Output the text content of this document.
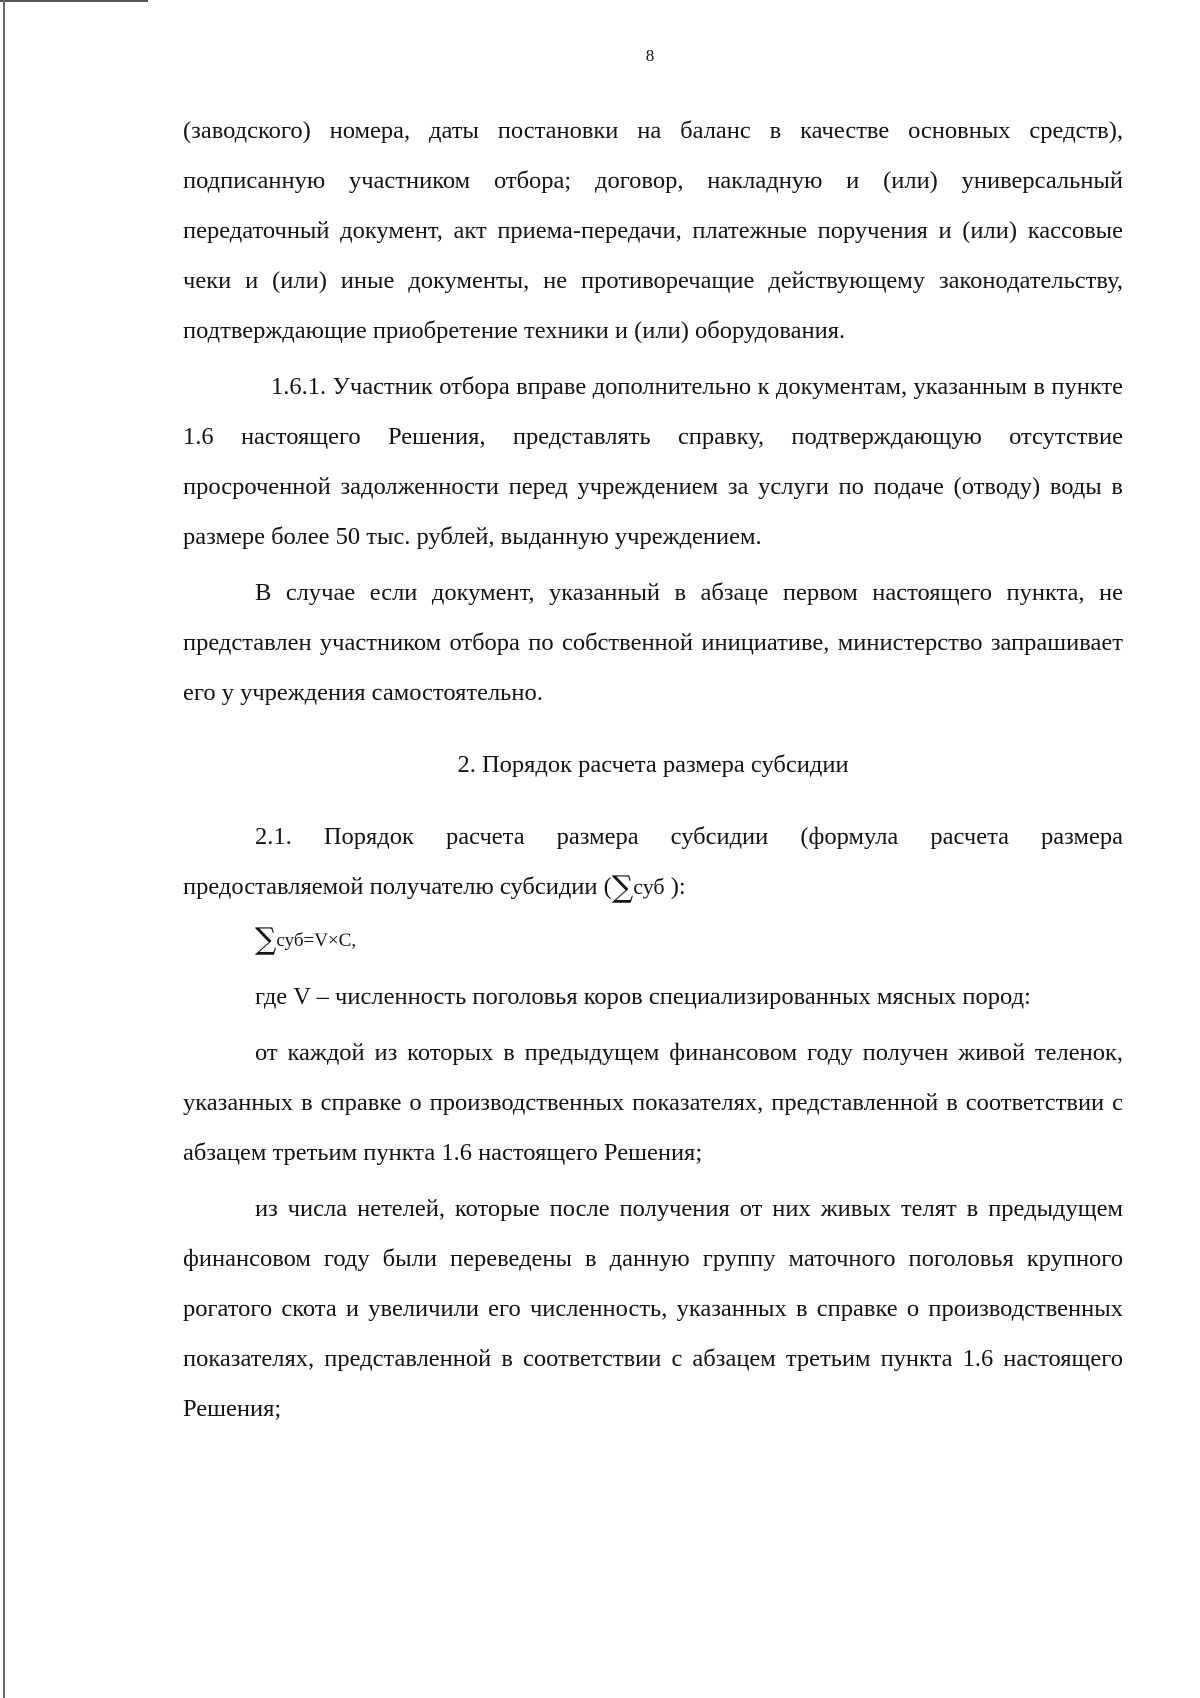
8

(заводского) номера, даты постановки на баланс в качестве основных средств), подписанную участником отбора; договор, накладную и (или) универсальный передаточный документ, акт приема-передачи, платежные поручения и (или) кассовые чеки и (или) иные документы, не противоречащие действующему законодательству, подтверждающие приобретение техники и (или) оборудования.

1.6.1. Участник отбора вправе дополнительно к документам, указанным в пункте 1.6 настоящего Решения, представлять справку, подтверждающую отсутствие просроченной задолженности перед учреждением за услуги по подаче (отводу) воды в размере более 50 тыс. рублей, выданную учреждением.

В случае если документ, указанный в абзаце первом настоящего пункта, не представлен участником отбора по собственной инициативе, министерство запрашивает его у учреждения самостоятельно.

2. Порядок расчета размера субсидии

2.1. Порядок расчета размера субсидии (формула расчета размера предоставляемой получателю субсидии (∑суб ):

∑суб=V×C,

где V – численность поголовья коров специализированных мясных пород:

от каждой из которых в предыдущем финансовом году получен живой теленок, указанных в справке о производственных показателях, представленной в соответствии с абзацем третьим пункта 1.6 настоящего Решения;

из числа нетелей, которые после получения от них живых телят в предыдущем финансовом году были переведены в данную группу маточного поголовья крупного рогатого скота и увеличили его численность, указанных в справке о производственных показателях, представленной в соответствии с абзацем третьим пункта 1.6 настоящего Решения;
